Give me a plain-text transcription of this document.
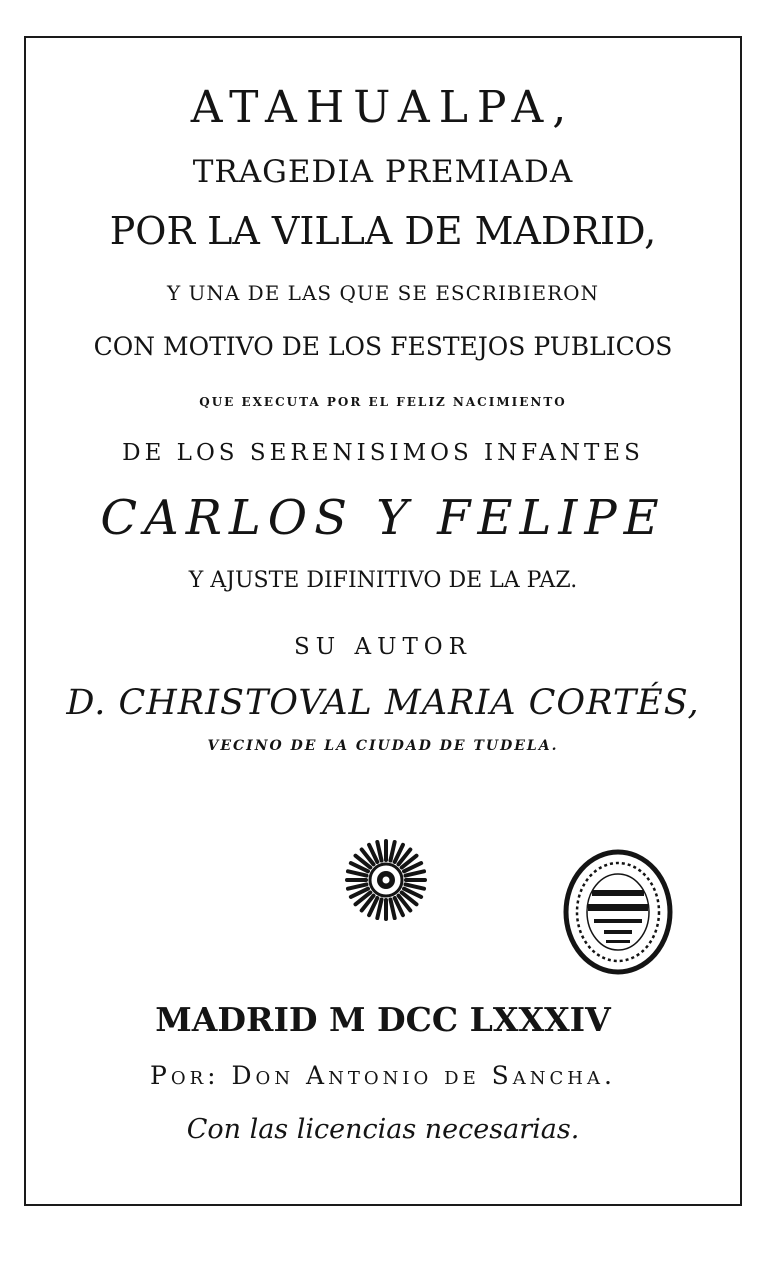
ATAHUALPA,
TRAGEDIA PREMIADA
POR LA VILLA DE MADRID,
Y UNA DE LAS QUE SE ESCRIBIERON
CON MOTIVO DE LOS FESTEJOS PUBLICOS
QUE EXECUTA POR EL FELIZ NACIMIENTO
DE LOS SERENISIMOS INFANTES
CARLOS Y FELIPE
Y AJUSTE DIFINITIVO DE LA PAZ.
SU AUTOR
D. CHRISTOVAL MARIA CORTÉS,
VECINO DE LA CIUDAD DE TUDELA.
MADRID M DCC LXXXIV
Por: Don Antonio de Sancha.
Con las licencias necesarias.
